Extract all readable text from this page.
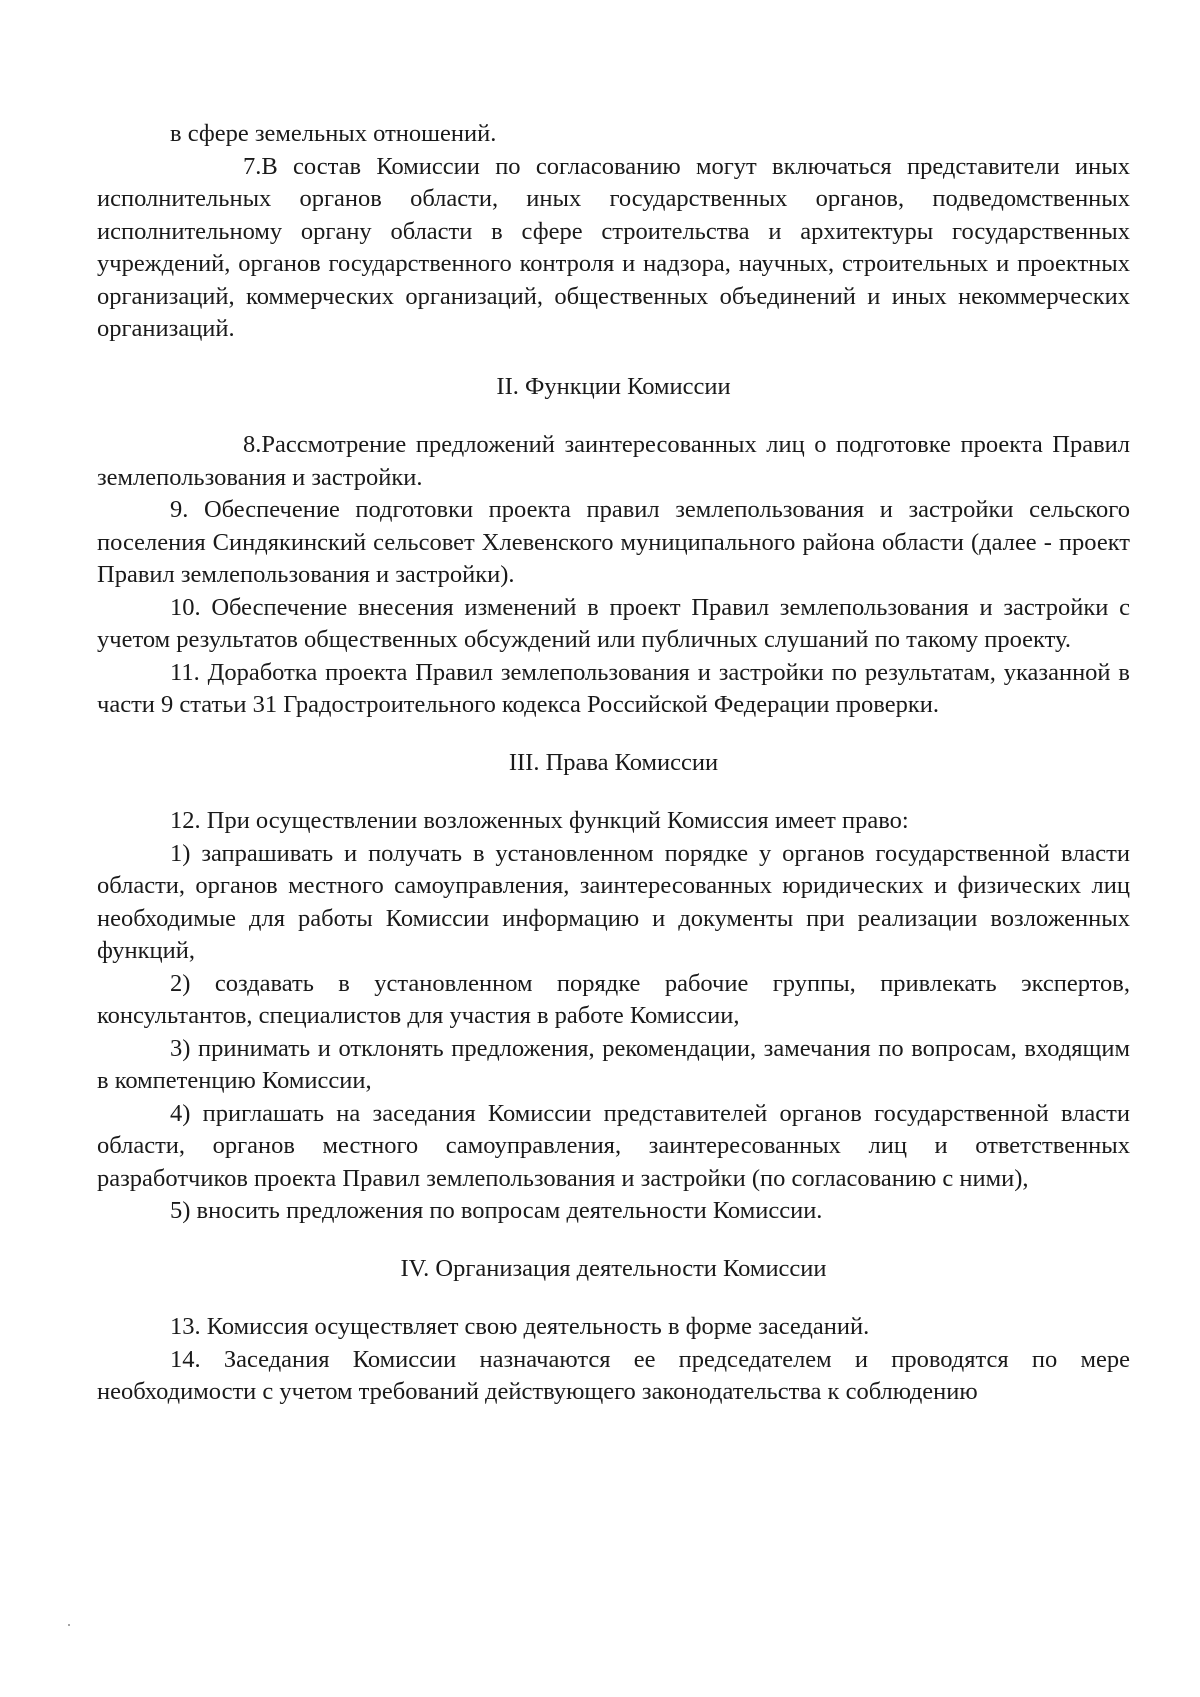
в сфере земельных отношений.

7.В состав Комиссии по согласованию могут включаться представители иных исполнительных органов области, иных государственных органов, подведомственных исполнительному органу области в сфере строительства и архитектуры государственных учреждений, органов государственного контроля и надзора, научных, строительных и проектных организаций, коммерческих организаций, общественных объединений и иных некоммерческих организаций.

II. Функции Комиссии

8.Рассмотрение предложений заинтересованных лиц о подготовке проекта Правил землепользования и застройки.

9. Обеспечение подготовки проекта правил землепользования и застройки сельского поселения Синдякинский сельсовет Хлевенского муниципального района области (далее - проект Правил землепользования и застройки).

10. Обеспечение внесения изменений в проект Правил землепользования и застройки с учетом результатов общественных обсуждений или публичных слушаний по такому проекту.

11. Доработка проекта Правил землепользования и застройки по результатам, указанной в части 9 статьи 31 Градостроительного кодекса Российской Федерации проверки.

III. Права Комиссии

12. При осуществлении возложенных функций Комиссия имеет право:

1) запрашивать и получать в установленном порядке у органов государственной власти области, органов местного самоуправления, заинтересованных юридических и физических лиц необходимые для работы Комиссии информацию и документы при реализации возложенных функций,

2) создавать в установленном порядке рабочие группы, привлекать экспертов, консультантов, специалистов для участия в работе Комиссии,

3) принимать и отклонять предложения, рекомендации, замечания по вопросам, входящим в компетенцию Комиссии,

4) приглашать на заседания Комиссии представителей органов государственной власти области, органов местного самоуправления, заинтересованных лиц и ответственных разработчиков проекта Правил землепользования и застройки (по согласованию с ними),

5) вносить предложения по вопросам деятельности Комиссии.

IV. Организация деятельности Комиссии

13. Комиссия осуществляет свою деятельность в форме заседаний.

14. Заседания Комиссии назначаются ее председателем и проводятся по мере необходимости с учетом требований действующего законодательства к соблюдению
